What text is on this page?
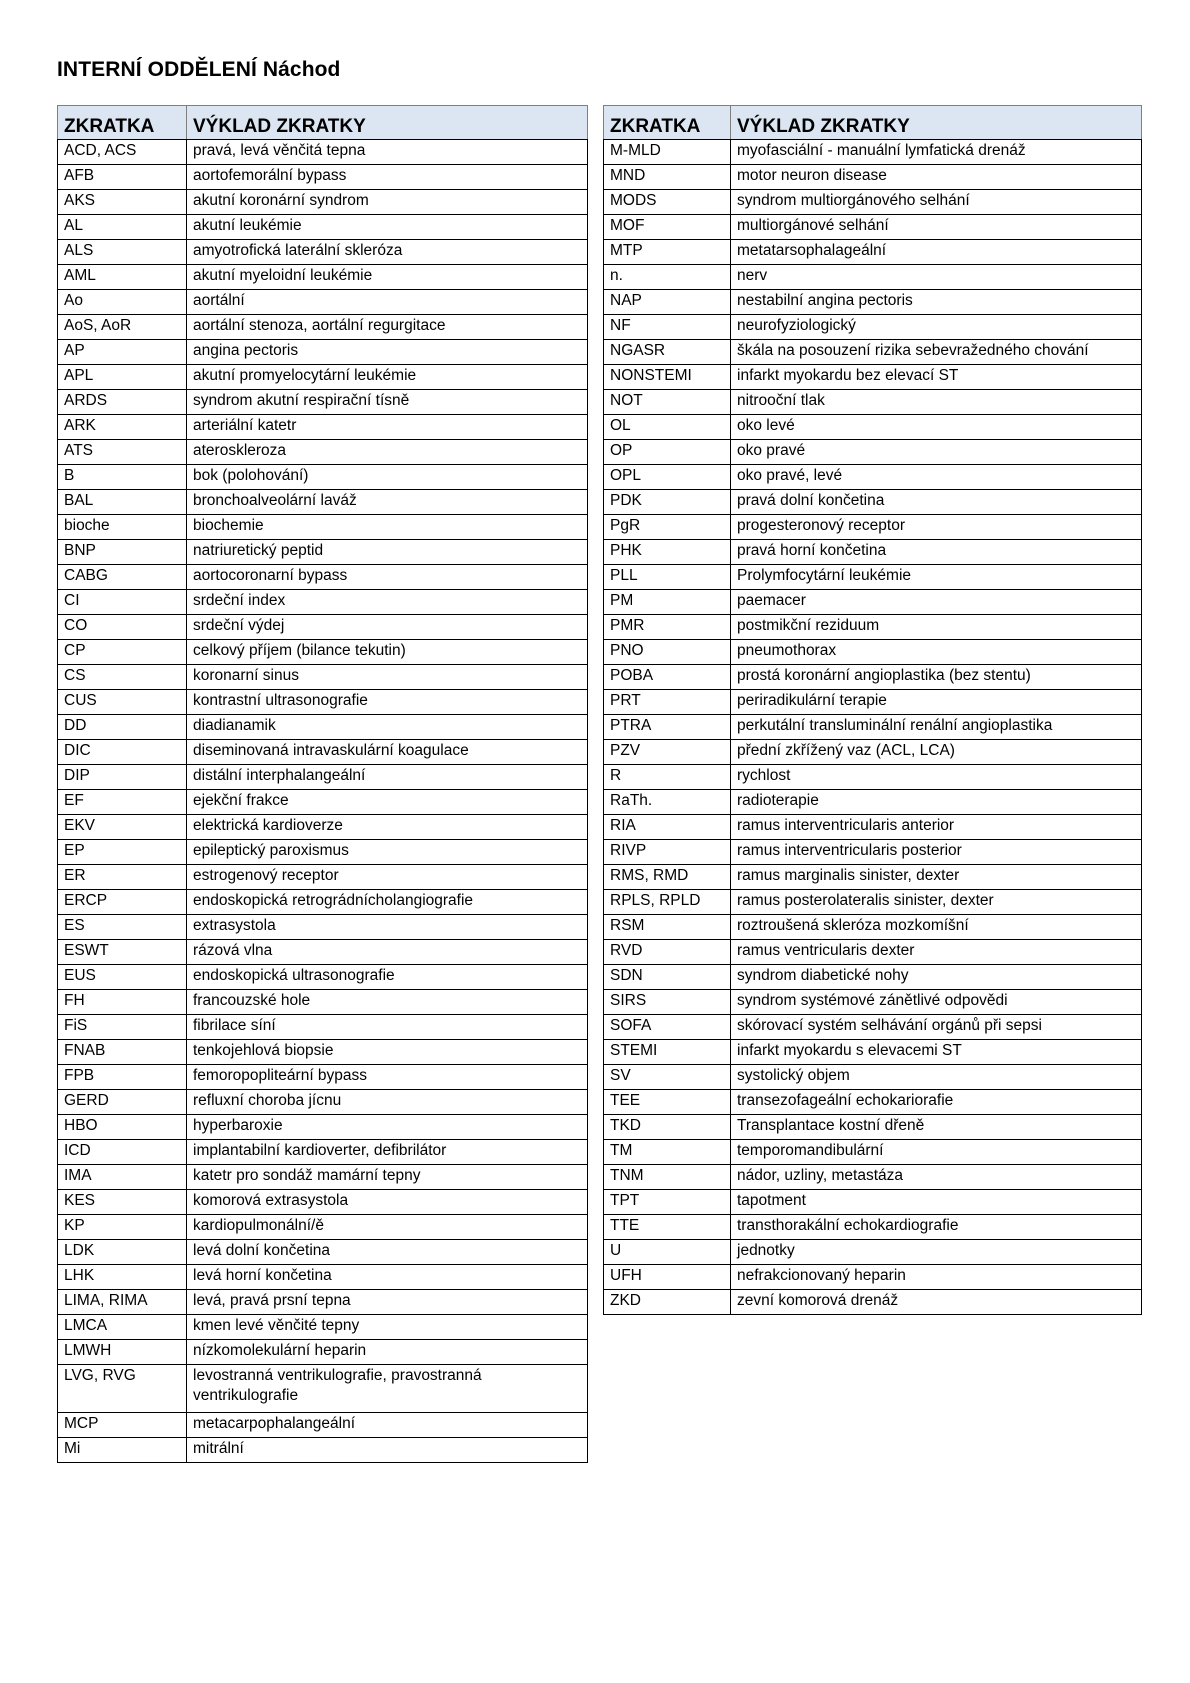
INTERNÍ ODDĚLENÍ Náchod
ZKRATKA	VÝKLAD ZKRATKY
ACD, ACS	pravá, levá věnčitá tepna
AFB	aortofemorální bypass
AKS	akutní koronární syndrom
AL	akutní leukémie
ALS	amyotrofická laterální skleróza
AML	akutní myeloidní leukémie
Ao	aortální
AoS, AoR	aortální stenoza, aortální regurgitace
AP	angina pectoris
APL	akutní promyelocytární leukémie
ARDS	syndrom akutní respirační tísně
ARK	arteriální katetr
ATS	ateroskleroza
B	bok (polohování)
BAL	bronchoalveolární laváž
bioche	biochemie
BNP	natriuretický peptid
CABG	aortocoronarní bypass
CI	srdeční index
CO	srdeční výdej
CP	celkový příjem (bilance tekutin)
CS	koronarní sinus
CUS	kontrastní ultrasonografie
DD	diadianamik
DIC	diseminovaná intravaskulární koagulace
DIP	distální interphalangeální
EF	ejekční frakce
EKV	elektrická kardioverze
EP	epileptický paroxismus
ER	estrogenový receptor
ERCP	endoskopická retrográdnícholangiografie
ES	extrasystola
ESWT	rázová vlna
EUS	endoskopická ultrasonografie
FH	francouzské hole
FiS	fibrilace síní
FNAB	tenkojehlová biopsie
FPB	femoropopliteární bypass
GERD	refluxní choroba jícnu
HBO	hyperbaroxie
ICD	implantabilní kardioverter, defibrilátor
IMA	katetr pro sondáž mamární tepny
KES	komorová extrasystola
KP	kardiopulmonální/ě
LDK	levá dolní končetina
LHK	levá horní končetina
LIMA, RIMA	levá, pravá prsní tepna
LMCA	kmen levé věnčité tepny
LMWH	nízkomolekulární heparin
LVG, RVG	levostranná ventrikulografie, pravostranná ventrikulografie
MCP	metacarpophalangeální
Mi	mitrální
ZKRATKA	VÝKLAD ZKRATKY
M-MLD	myofasciální - manuální lymfatická drenáž
MND	motor neuron disease
MODS	syndrom multiorgánového selhání
MOF	multiorgánové selhání
MTP	metatarsophalageální
n.	nerv
NAP	nestabilní angina pectoris
NF	neurofyziologický
NGASR	škála na posouzení rizika sebevražedného chování
NONSTEMI	infarkt myokardu bez elevací ST
NOT	nitrooční tlak
OL	oko levé
OP	oko pravé
OPL	oko pravé, levé
PDK	pravá dolní končetina
PgR	progesteronový receptor
PHK	pravá horní končetina
PLL	Prolymfocytární leukémie
PM	paemacer
PMR	postmikční reziduum
PNO	pneumothorax
POBA	prostá koronární angioplastika (bez stentu)
PRT	periradikulární terapie
PTRA	perkutální transluminální renální angioplastika
PZV	přední zkřížený vaz (ACL, LCA)
R	rychlost
RaTh.	radioterapie
RIA	ramus interventricularis anterior
RIVP	ramus interventricularis posterior
RMS, RMD	ramus marginalis sinister, dexter
RPLS, RPLD	ramus posterolateralis sinister, dexter
RSM	roztroušená skleróza mozkomíšní
RVD	ramus ventricularis dexter
SDN	syndrom diabetické nohy
SIRS	syndrom systémové zánětlivé odpovědi
SOFA	skórovací systém selhávání orgánů při sepsi
STEMI	infarkt myokardu s elevacemi ST
SV	systolický objem
TEE	transezofageální echokariorafie
TKD	Transplantace kostní dřeně
TM	temporomandibulární
TNM	nádor, uzliny, metastáza
TPT	tapotment
TTE	transthorakální echokardiografie
U	jednotky
UFH	nefrakcionovaný heparin
ZKD	zevní komorová drenáž
